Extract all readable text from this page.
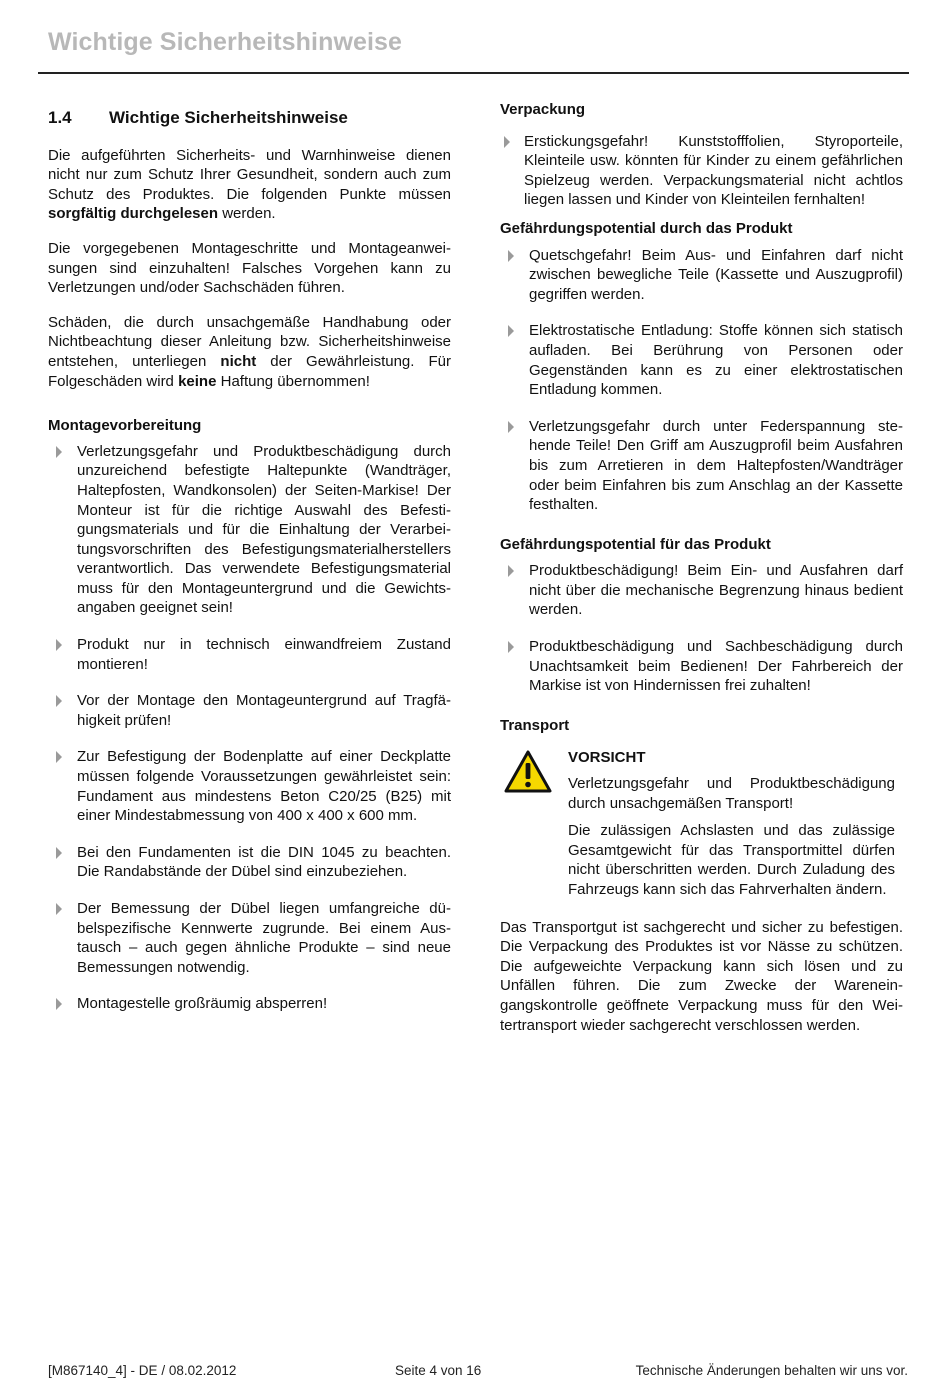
Wichtige Sicherheitshinweise
1.4	Wichtige Sicherheitshinweise

Die aufgeführten Sicherheits- und Warnhinweise dienen nicht nur zum Schutz Ihrer Gesundheit, sondern auch zum Schutz des Produktes. Die folgenden Punkte müssen sorgfältig durchgelesen werden.

Die vorgegebenen Montageschritte und Montageanweisungen sind einzuhalten! Falsches Vorgehen kann zu Verletzungen und/oder Sachschäden führen.

Schäden, die durch unsachgemäße Handhabung oder Nichtbeachtung dieser Anleitung bzw. Sicherheitshinweise entstehen, unterliegen nicht der Gewährleistung. Für Folgeschäden wird keine Haftung übernommen!

Montagevorbereitung

Verletzungsgefahr und Produktbeschädigung durch unzureichend befestigte Haltepunkte (Wandträger, Haltepfosten, Wandkonsolen) der Seiten-Markise! Der Monteur ist für die richtige Auswahl des Befestigungsmaterials und für die Einhaltung der Verarbeitungsvorschriften des Befestigungsmaterialherstellers verantwortlich. Das verwendete Befestigungsmaterial muss für den Montageuntergrund und die Gewichtsangaben geeignet sein!

Produkt nur in technisch einwandfreiem Zustand montieren!

Vor der Montage den Montageuntergrund auf Tragfähigkeit prüfen!

Zur Befestigung der Bodenplatte auf einer Deckplatte müssen folgende Voraussetzungen gewährleistet sein: Fundament aus mindestens Beton C20/25 (B25) mit einer Mindestabmessung von 400 x 400 x 600 mm.

Bei den Fundamenten ist die DIN 1045 zu beachten. Die Randabstände der Dübel sind einzubeziehen.

Der Bemessung der Dübel liegen umfangreiche dübelspezifische Kennwerte zugrunde. Bei einem Austausch – auch gegen ähnliche Produkte – sind neue Bemessungen notwendig.

Montagestelle großräumig absperren!

Verpackung

Erstickungsgefahr! Kunststofffolien, Styroporteile, Kleinteile usw. könnten für Kinder zu einem gefährlichen Spielzeug werden. Verpackungsmaterial nicht achtlos liegen lassen und Kinder von Kleinteilen fernhalten!

Gefährdungspotential durch das Produkt

Quetschgefahr! Beim Aus- und Einfahren darf nicht zwischen bewegliche Teile (Kassette und Auszugprofil) gegriffen werden.

Elektrostatische Entladung: Stoffe können sich statisch aufladen. Bei Berührung von Personen oder Gegenständen kann es zu einer elektrostatischen Entladung kommen.

Verletzungsgefahr durch unter Federspannung stehende Teile! Den Griff am Auszugprofil beim Ausfahren bis zum Arretieren in dem Haltepfosten/Wandträger oder beim Einfahren bis zum Anschlag an der Kassette festhalten.

Gefährdungspotential für das Produkt

Produktbeschädigung! Beim Ein- und Ausfahren darf nicht über die mechanische Begrenzung hinaus bedient werden.

Produktbeschädigung und Sachbeschädigung durch Unachtsamkeit beim Bedienen! Der Fahrbereich der Markise ist von Hindernissen frei zuhalten!

Transport

VORSICHT

Verletzungsgefahr und Produktbeschädigung durch unsachgemäßen Transport!

Die zulässigen Achslasten und das zulässige Gesamtgewicht für das Transportmittel dürfen nicht überschritten werden. Durch Zuladung des Fahrzeugs kann sich das Fahrverhalten ändern.

Das Transportgut ist sachgerecht und sicher zu befestigen. Die Verpackung des Produktes ist vor Nässe zu schützen. Die aufgeweichte Verpackung kann sich lösen und zu Unfällen führen. Die zum Zwecke der Wareneingangskontrolle geöffnete Verpackung muss für den Weitertransport wieder sachgerecht verschlossen werden.

[M867140_4] - DE / 08.02.2012	Seite 4 von 16	Technische Änderungen behalten wir uns vor.
